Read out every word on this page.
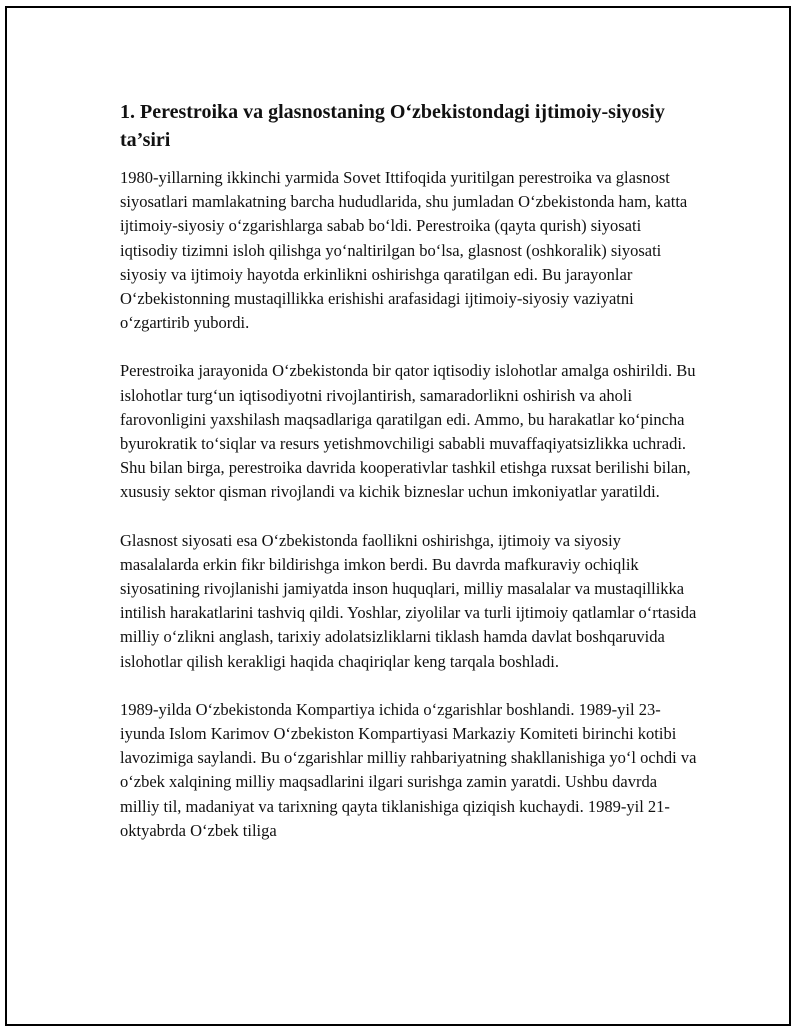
1. Perestroika va glasnostaning O‘zbekistondagi ijtimoiy-siyosiy ta’siri

1980-yillarning ikkinchi yarmida Sovet Ittifoqida yuritilgan perestroika va glasnost siyosatlari mamlakatning barcha hududlarida, shu jumladan O‘zbekistonda ham, katta ijtimoiy-siyosiy o‘zgarishlarga sabab bo‘ldi. Perestroika (qayta qurish) siyosati iqtisodiy tizimni isloh qilishga yo‘naltirilgan bo‘lsa, glasnost (oshkoralik) siyosati siyosiy va ijtimoiy hayotda erkinlikni oshirishga qaratilgan edi. Bu jarayonlar O‘zbekistonning mustaqillikka erishishi arafasidagi ijtimoiy-siyosiy vaziyatni o‘zgartirib yubordi.

Perestroika jarayonida O‘zbekistonda bir qator iqtisodiy islohotlar amalga oshirildi. Bu islohotlar turg‘un iqtisodiyotni rivojlantirish, samaradorlikni oshirish va aholi farovonligini yaxshilash maqsadlariga qaratilgan edi. Ammo, bu harakatlar ko‘pincha byurokratik to‘siqlar va resurs yetishmovchiligi sababli muvaffaqiyatsizlikka uchradi. Shu bilan birga, perestroika davrida kooperativlar tashkil etishga ruxsat berilishi bilan, xususiy sektor qisman rivojlandi va kichik bizneslar uchun imkoniyatlar yaratildi.

Glasnost siyosati esa O‘zbekistonda faollikni oshirishga, ijtimoiy va siyosiy masalalarda erkin fikr bildirishga imkon berdi. Bu davrda mafkuraviy ochiqlik siyosatining rivojlanishi jamiyatda inson huquqlari, milliy masalalar va mustaqillikka intilish harakatlarini tashviq qildi. Yoshlar, ziyolilar va turli ijtimoiy qatlamlar o‘rtasida milliy o‘zlikni anglash, tarixiy adolatsizliklarni tiklash hamda davlat boshqaruvida islohotlar qilish kerakligi haqida chaqiriqlar keng tarqala boshladi.

1989-yilda O‘zbekistonda Kompartiya ichida o‘zgarishlar boshlandi. 1989-yil 23-iyunda Islom Karimov O‘zbekiston Kompartiyasi Markaziy Komiteti birinchi kotibi lavozimiga saylandi. Bu o‘zgarishlar milliy rahbariyatning shakllanishiga yo‘l ochdi va o‘zbek xalqining milliy maqsadlarini ilgari surishga zamin yaratdi. Ushbu davrda milliy til, madaniyat va tarixning qayta tiklanishiga qiziqish kuchaydi. 1989-yil 21-oktyabrda O‘zbek tiliga
